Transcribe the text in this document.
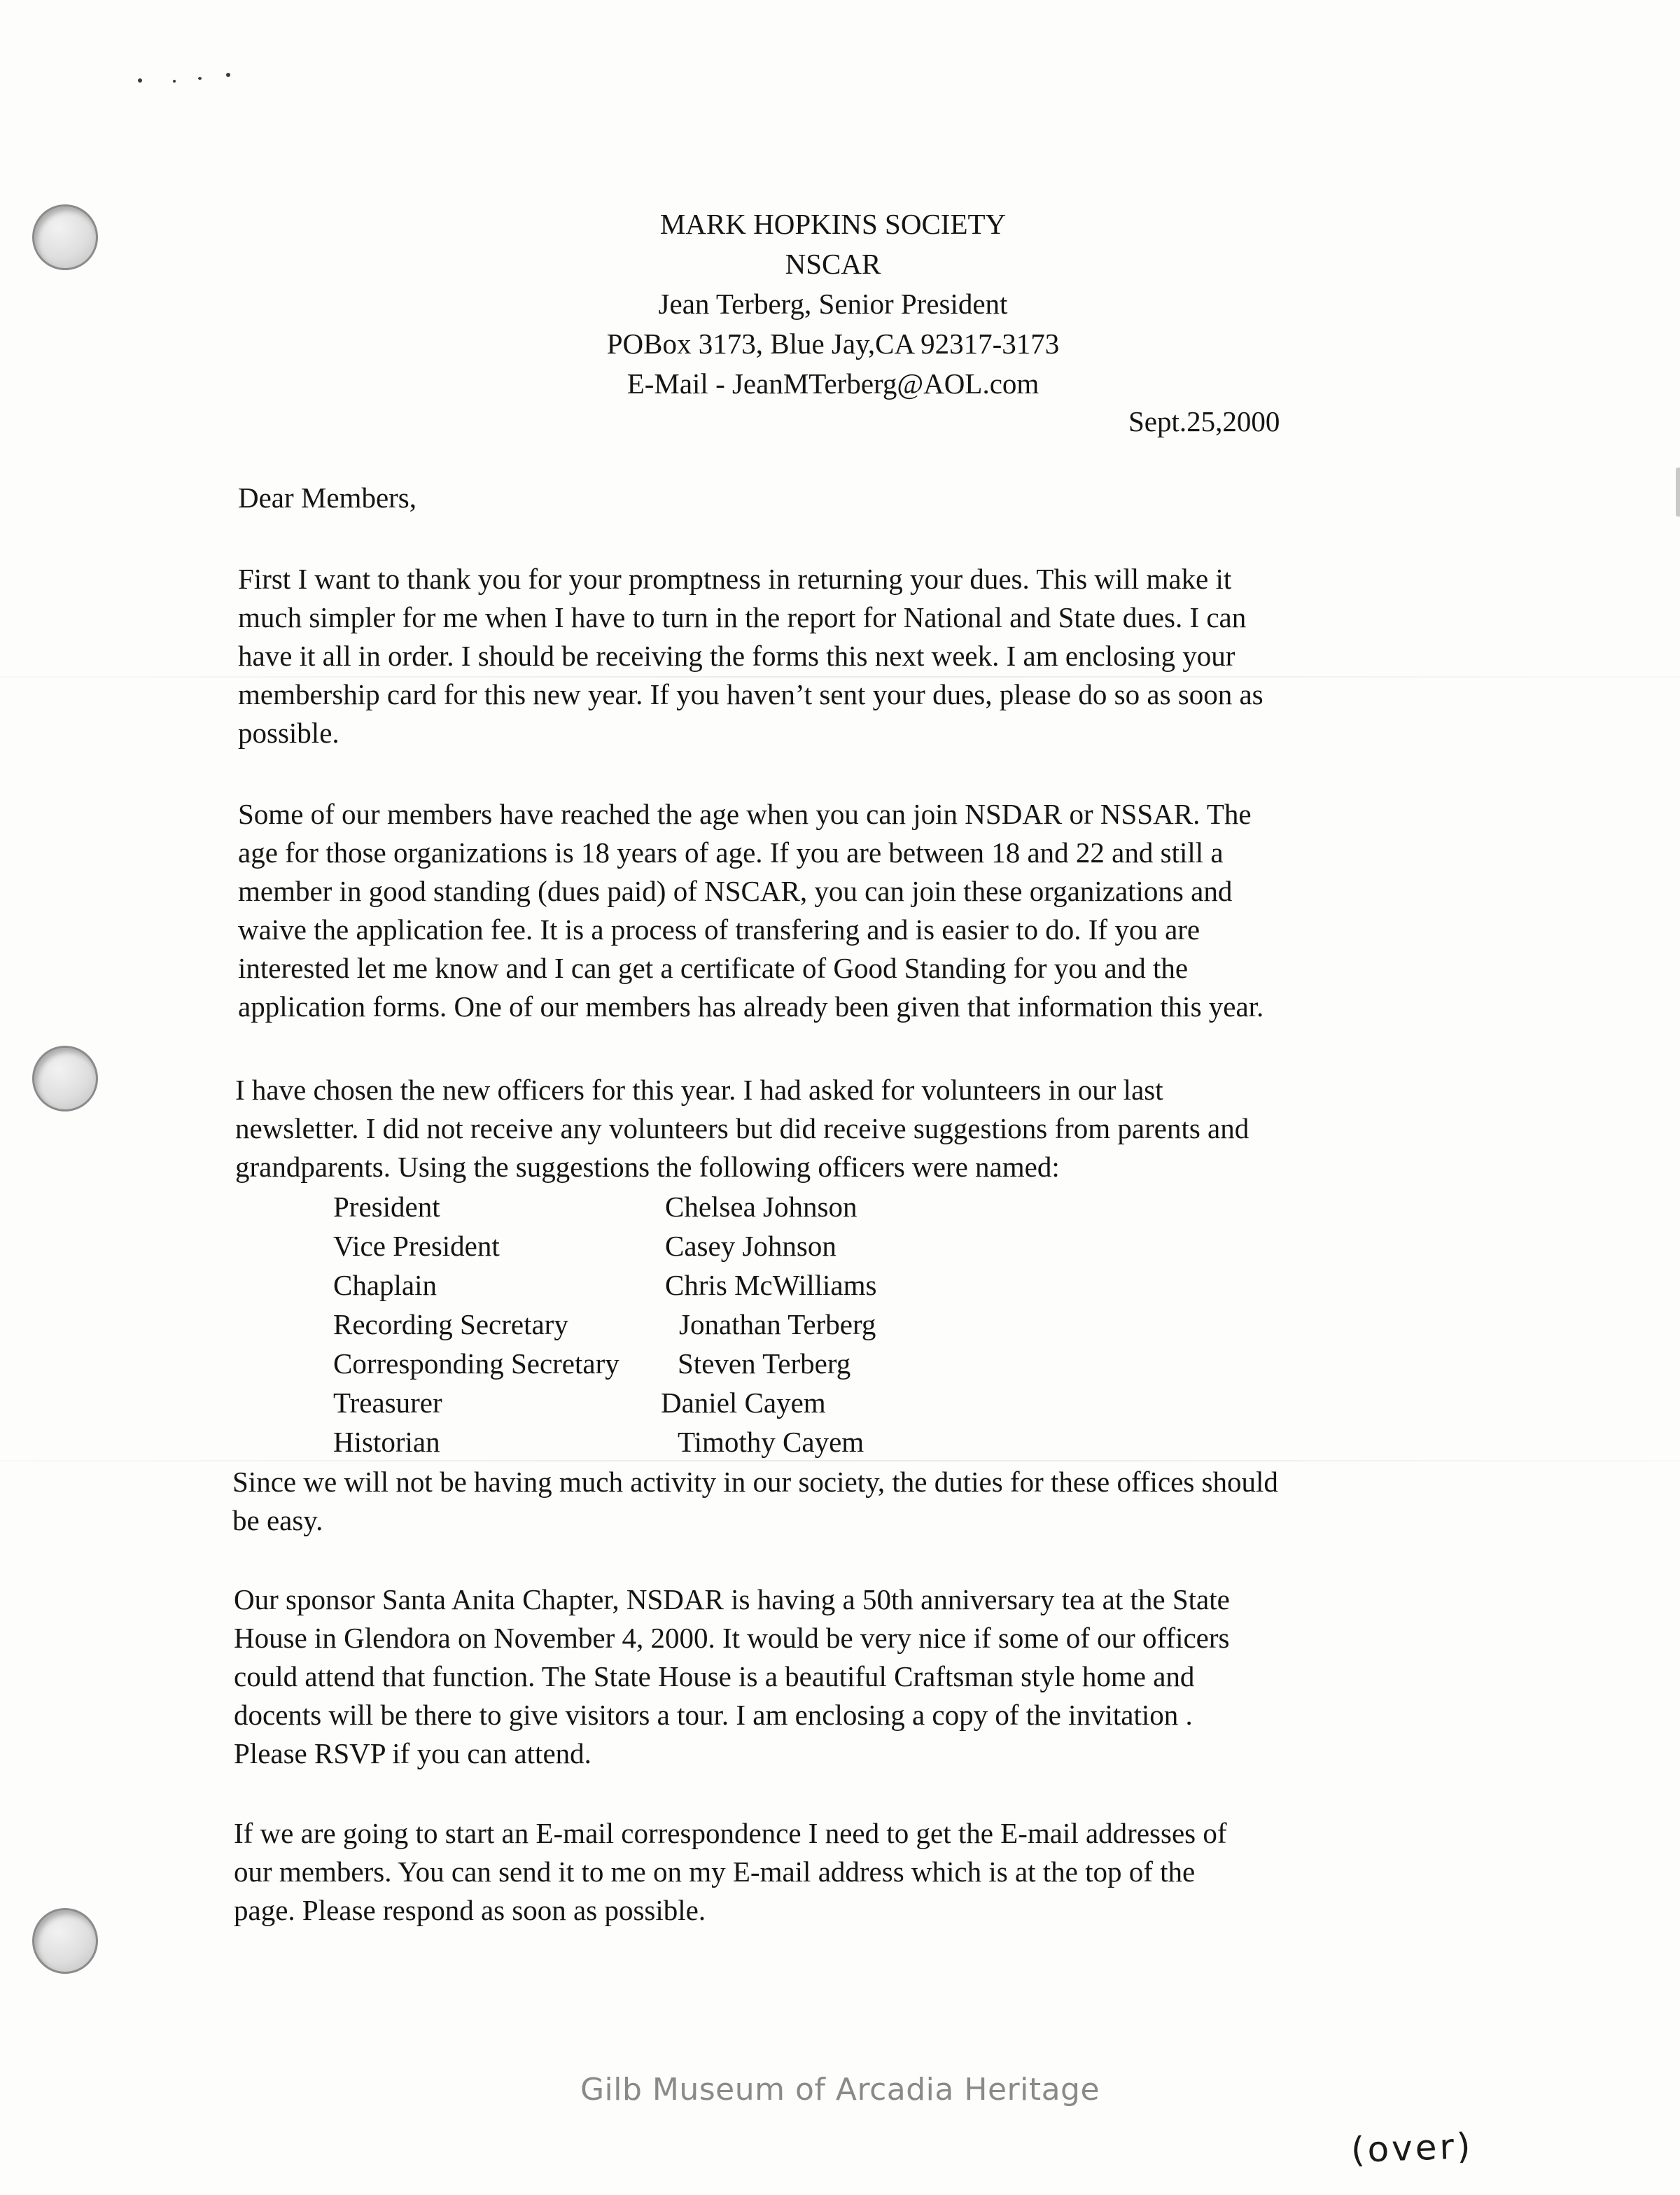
MARK HOPKINS SOCIETY
NSCAR
Jean Terberg, Senior President
POBox 3173, Blue Jay,CA 92317-3173
E-Mail - JeanMTerberg@AOL.com
Sept.25,2000
Dear Members,
First I want to thank you for your promptness in returning your dues. This will make it
much simpler for me when I have to turn in the report for National and State dues. I can
have it all in order. I should be receiving the forms this next week. I am enclosing your
membership card for this new year. If you haven’t sent your dues, please do so as soon as
possible.
Some of our members have reached the age when you can join NSDAR or NSSAR. The
age for those organizations is 18 years of age. If you are between 18 and 22 and still a
member in good standing (dues paid) of NSCAR, you can join these organizations and
waive the application fee. It is a process of transfering and is easier to do. If you are
interested let me know and I can get a certificate of Good Standing for you and the
application forms. One of our members has already been given that information this year.
I have chosen the new officers for this year. I had asked for volunteers in our last
newsletter. I did not receive any volunteers but did receive suggestions from parents and
grandparents. Using the suggestions the following officers were named:
President	Chelsea Johnson
Vice President	Casey Johnson
Chaplain	Chris McWilliams
Recording Secretary	Jonathan Terberg
Corresponding Secretary Steven Terberg
Treasurer	Daniel Cayem
Historian	Timothy Cayem
Since we will not be having much activity in our society, the duties for these offices should
be easy.
Our sponsor Santa Anita Chapter, NSDAR is having a 50th anniversary tea at the State
House in Glendora on November 4, 2000. It would be very nice if some of our officers
could attend that function. The State House is a beautiful Craftsman style home and
docents will be there to give visitors a tour. I am enclosing a copy of the invitation .
Please RSVP if you can attend.
If we are going to start an E-mail correspondence I need to get the E-mail addresses of
our members. You can send it to me on my E-mail address which is at the top of the
page. Please respond as soon as possible.
Gilb Museum of Arcadia Heritage
(over)
